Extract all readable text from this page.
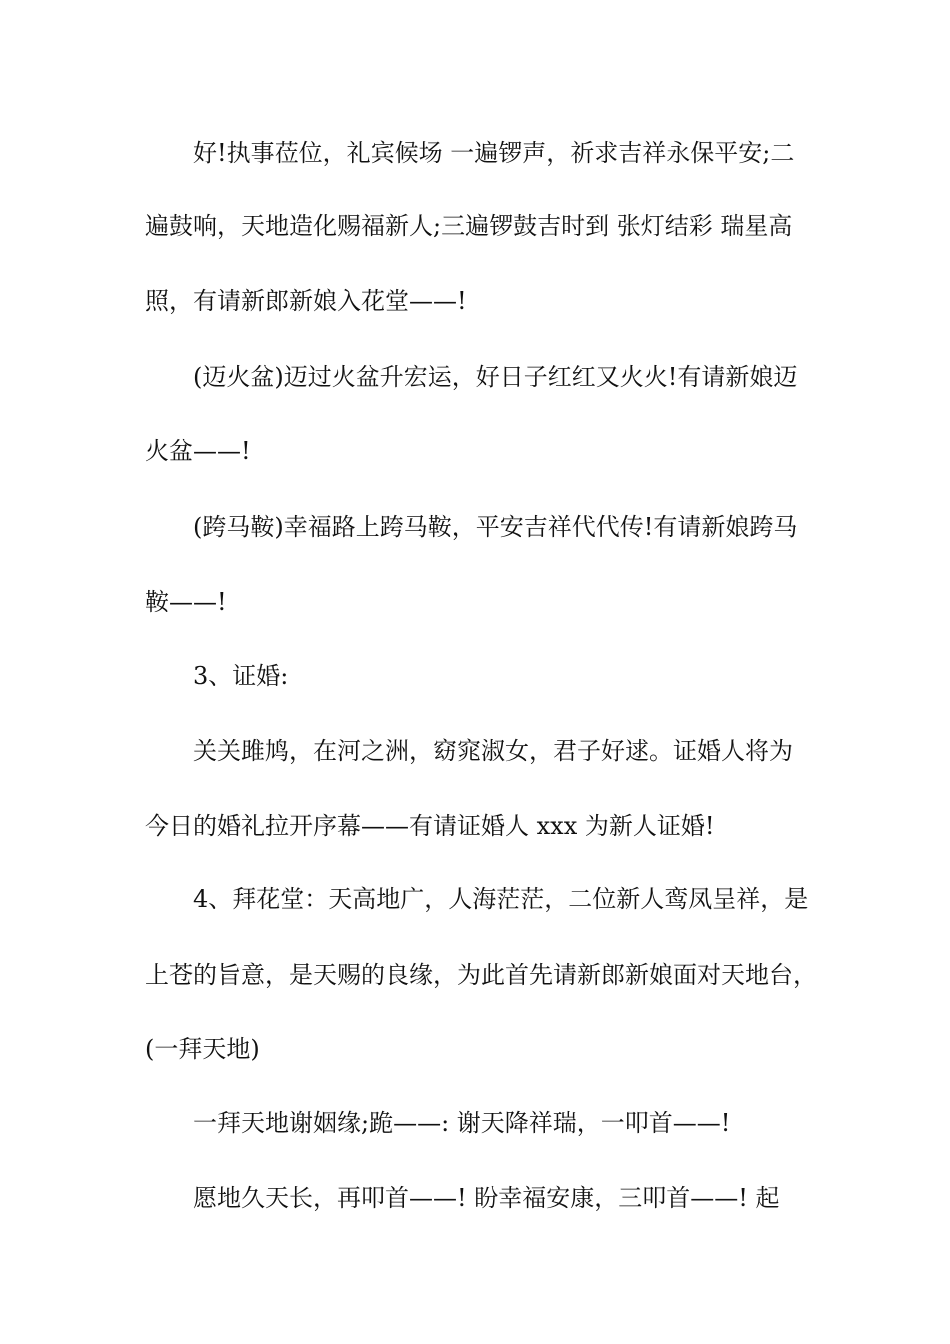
好!执事莅位，礼宾候场 一遍锣声，祈求吉祥永保平安;二
遍鼓响，天地造化赐福新人;三遍锣鼓吉时到 张灯结彩 瑞星高
照，有请新郎新娘入花堂——!
(迈火盆)迈过火盆升宏运，好日子红红又火火!有请新娘迈
火盆——!
(跨马鞍)幸福路上跨马鞍，平安吉祥代代传!有请新娘跨马
鞍——!
3、证婚:
关关雎鸠，在河之洲，窈窕淑女，君子好逑。证婚人将为
今日的婚礼拉开序幕——有请证婚人 xxx 为新人证婚!
4、拜花堂：天高地广，人海茫茫，二位新人鸾凤呈祥，是
上苍的旨意，是天赐的良缘，为此首先请新郎新娘面对天地台，
(一拜天地)
一拜天地谢姻缘;跪——: 谢天降祥瑞，一叩首——!
愿地久天长，再叩首——! 盼幸福安康，三叩首——! 起
